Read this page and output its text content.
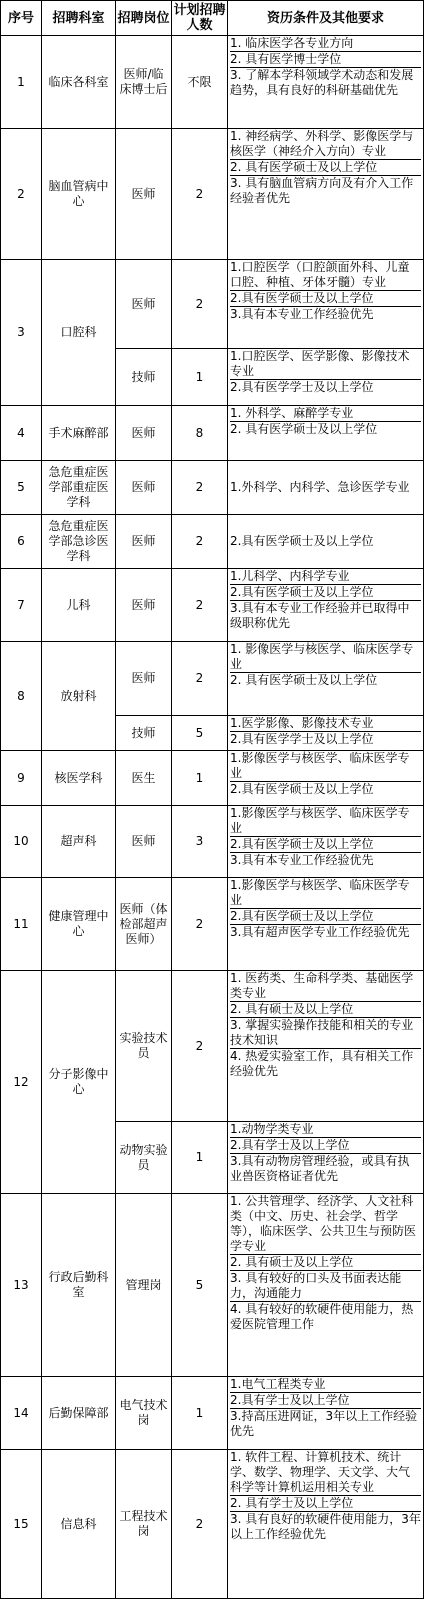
序号	招聘科室	招聘岗位	计划招聘人数	资历条件及其他要求
1	临床各科室	医师/临床博士后	不限	1. 临床医学各专业方向
2. 具有医学博士学位
3. 了解本学科领域学术动态和发展趋势，具有良好的科研基础优先

2	脑血管病中心	医师	2	1. 神经病学、外科学、影像医学与核医学（神经介入方向）专业
2. 具有医学硕士及以上学位
3. 具有脑血管病方向及有介入工作经验者优先

3	口腔科	医师	2	1.口腔医学（口腔颌面外科、儿童口腔、种植、牙体牙髓）专业
2.具有医学硕士及以上学位
3.具有本专业工作经验优先

		技师	1	1.口腔医学、医学影像、影像技术专业
2.具有医学学士及以上学位

4	手术麻醉部	医师	8	1. 外科学、麻醉学专业
2. 具有医学硕士及以上学位

5	急危重症医学部重症医学科	医师	2	1.外科学、内科学、急诊医学专业

6	急危重症医学部急诊医学科	医师	2	2.具有医学硕士及以上学位

7	儿科	医师	2	1.儿科学、内科学专业
2.具有医学硕士及以上学位
3.具有本专业工作经验并已取得中级职称优先

8	放射科	医师	2	1. 影像医学与核医学、临床医学专业
2. 具有医学硕士及以上学位

		技师	5	1.医学影像、影像技术专业
2.具有医学学士及以上学位

9	核医学科	医生	1	1.影像医学与核医学、临床医学专业
2.具有医学硕士及以上学位

10	超声科	医师	3	1.影像医学与核医学、临床医学专业
2.具有医学硕士及以上学位
3.具有本专业工作经验优先

11	健康管理中心	医师（体检部超声医师）	2	1.影像医学与核医学、临床医学专业
2.具有医学硕士及以上学位
3.具有超声医学专业工作经验优先

12	分子影像中心	实验技术员	2	1. 医药类、生命科学类、基础医学类专业
2. 具有硕士及以上学位
3. 掌握实验操作技能和相关的专业技术知识
4. 热爱实验室工作，具有相关工作经验优先

		动物实验员	1	1.动物学类专业
2.具有学士及以上学位
3.具有动物房管理经验，或具有执业兽医资格证者优先

13	行政后勤科室	管理岗	5	1. 公共管理学、经济学、人文社科类（中文、历史、社会学、哲学等），临床医学、公共卫生与预防医学专业
2. 具有硕士及以上学位
3. 具有较好的口头及书面表达能力，沟通能力
4. 具有较好的软硬件使用能力，热爱医院管理工作

14	后勤保障部	电气技术岗	1	1.电气工程类专业
2.具有学士及以上学位
3.持高压进网证，3年以上工作经验优先

15	信息科	工程技术岗	2	1. 软件工程、计算机技术、统计学、数学、物理学、天文学、大气科学等计算机运用相关专业
2. 具有学士及以上学位
3. 具有良好的软硬件使用能力，3年以上工作经验优先
